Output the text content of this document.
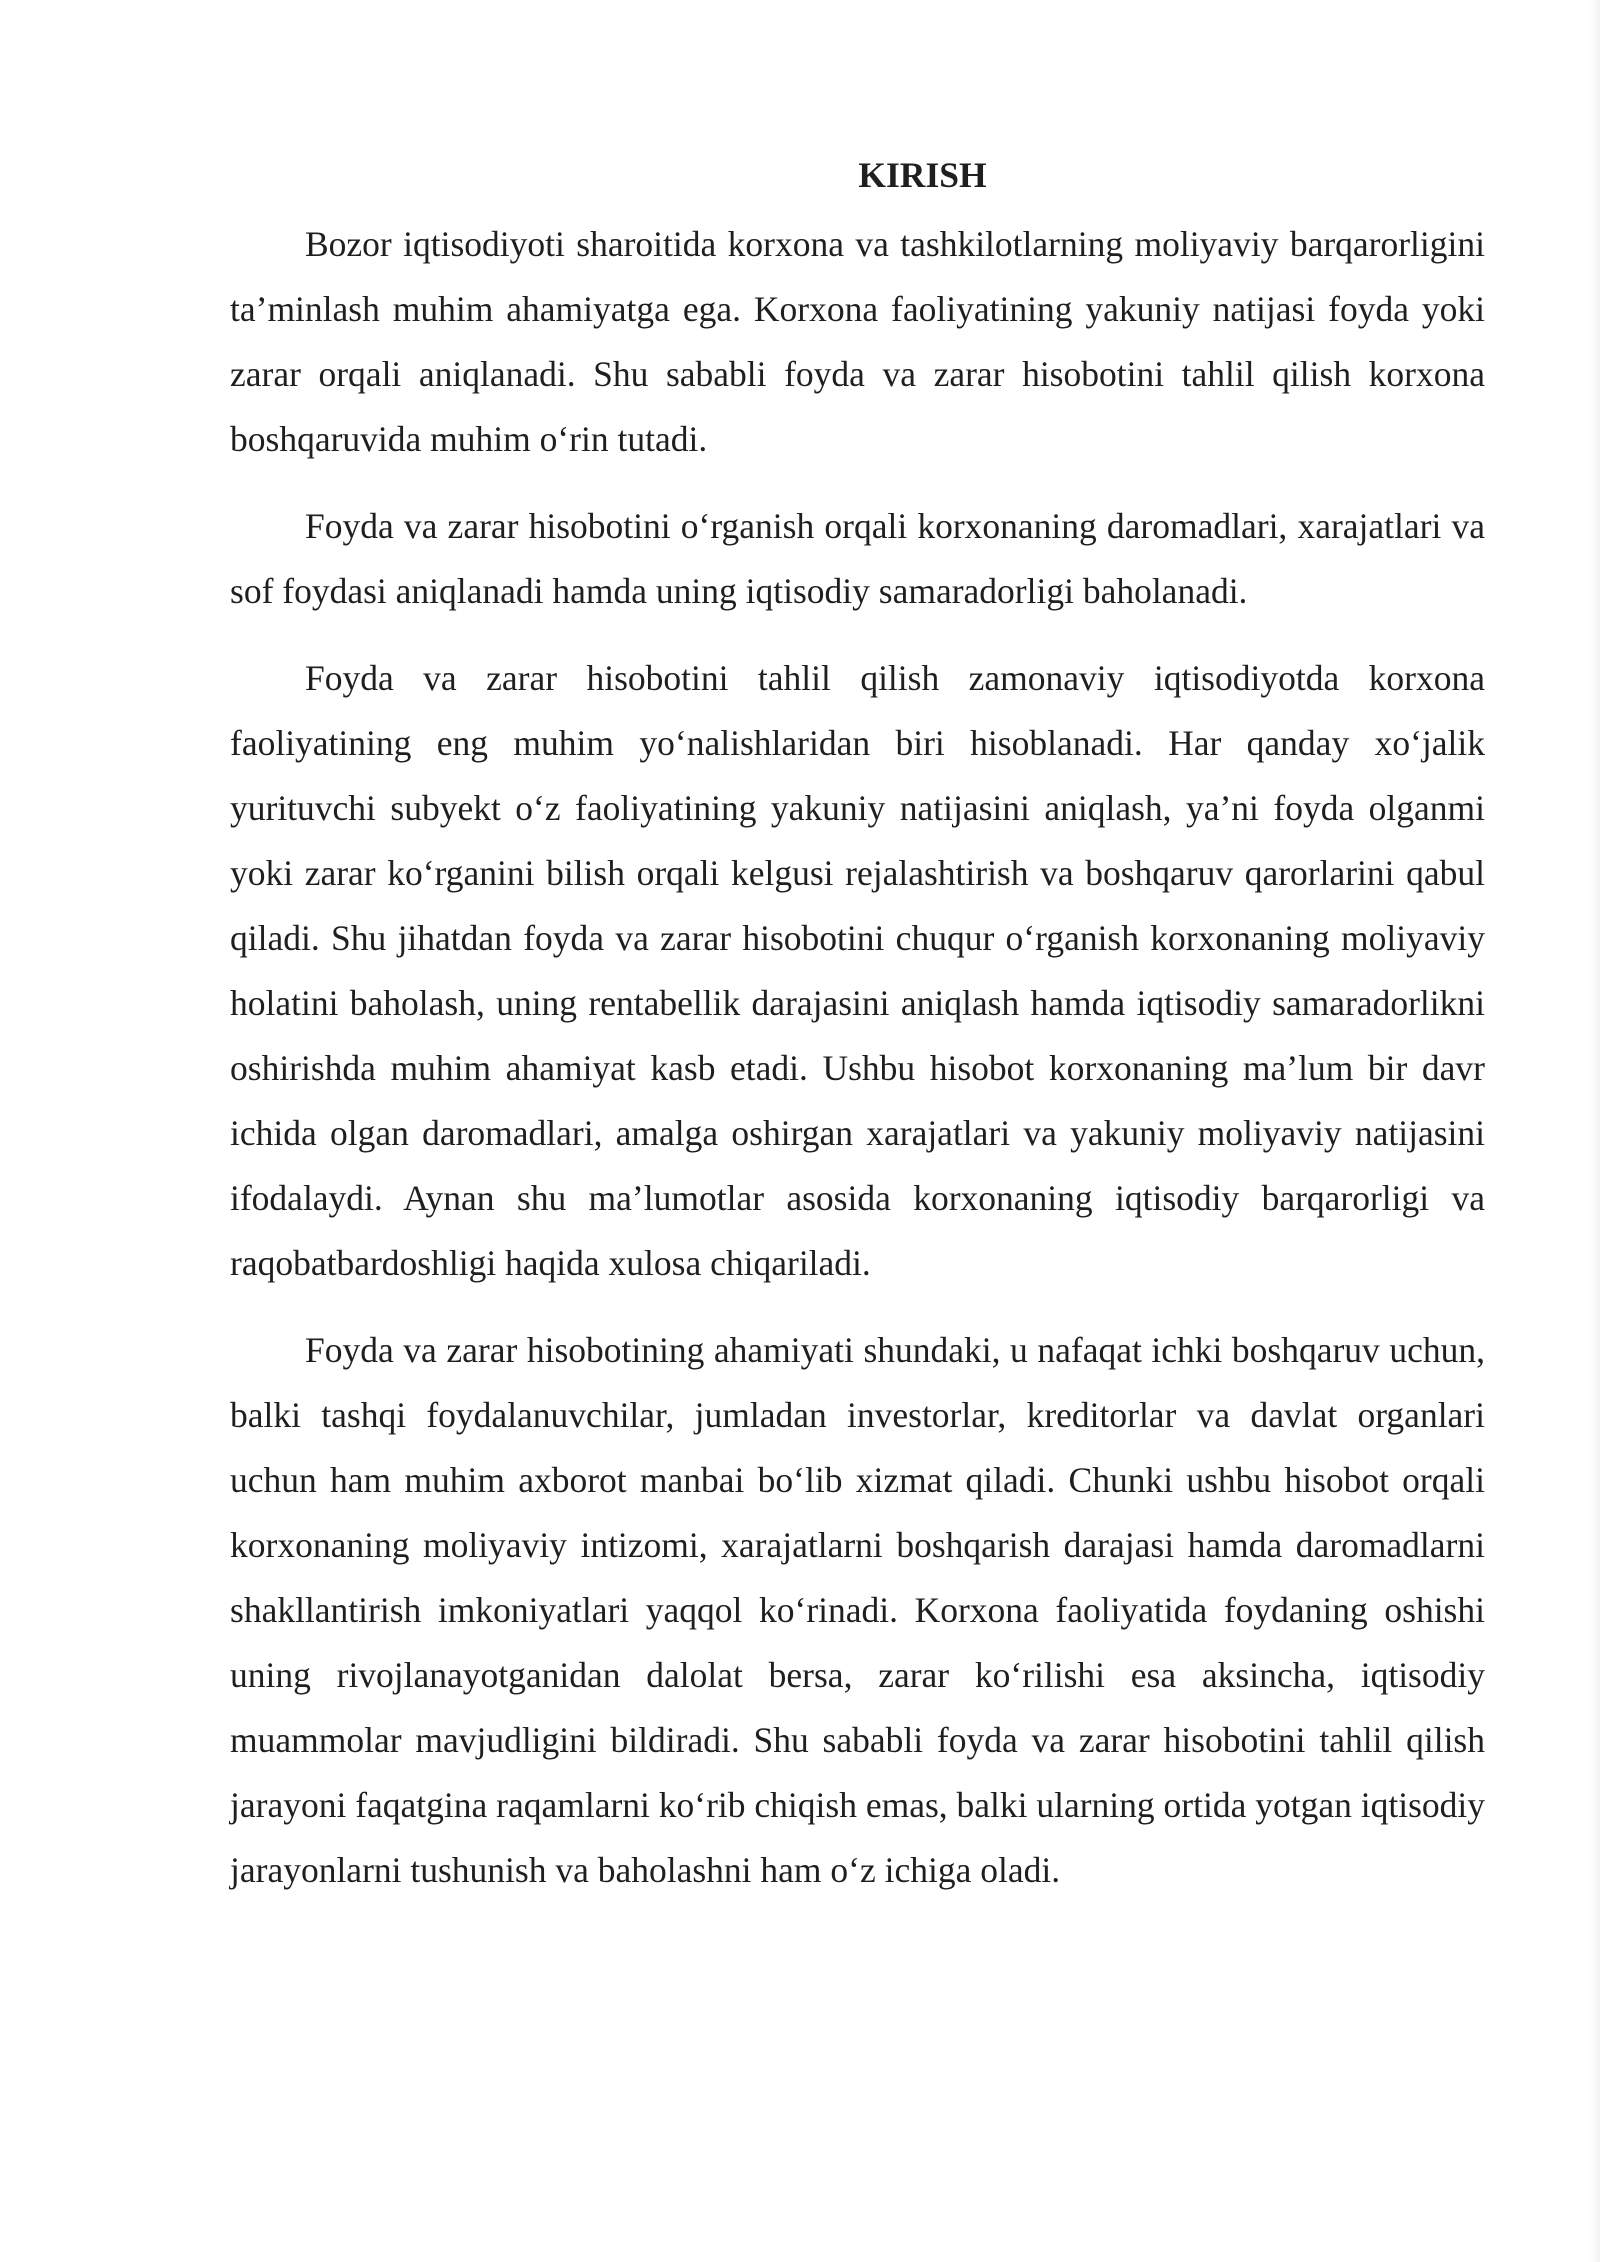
KIRISH

Bozor iqtisodiyoti sharoitida korxona va tashkilotlarning moliyaviy barqarorligini ta’minlash muhim ahamiyatga ega. Korxona faoliyatining yakuniy natijasi foyda yoki zarar orqali aniqlanadi. Shu sababli foyda va zarar hisobotini tahlil qilish korxona boshqaruvida muhim o‘rin tutadi.

Foyda va zarar hisobotini o‘rganish orqali korxonaning daromadlari, xarajatlari va sof foydasi aniqlanadi hamda uning iqtisodiy samaradorligi baholanadi.

Foyda va zarar hisobotini tahlil qilish zamonaviy iqtisodiyotda korxona faoliyatining eng muhim yo‘nalishlaridan biri hisoblanadi. Har qanday xo‘jalik yurituvchi subyekt o‘z faoliyatining yakuniy natijasini aniqlash, ya’ni foyda olganmi yoki zarar ko‘rganini bilish orqali kelgusi rejalashtirish va boshqaruv qarorlarini qabul qiladi. Shu jihatdan foyda va zarar hisobotini chuqur o‘rganish korxonaning moliyaviy holatini baholash, uning rentabellik darajasini aniqlash hamda iqtisodiy samaradorlikni oshirishda muhim ahamiyat kasb etadi. Ushbu hisobot korxonaning ma’lum bir davr ichida olgan daromadlari, amalga oshirgan xarajatlari va yakuniy moliyaviy natijasini ifodalaydi. Aynan shu ma’lumotlar asosida korxonaning iqtisodiy barqarorligi va raqobatbardoshligi haqida xulosa chiqariladi.

Foyda va zarar hisobotining ahamiyati shundaki, u nafaqat ichki boshqaruv uchun, balki tashqi foydalanuvchilar, jumladan investorlar, kreditorlar va davlat organlari uchun ham muhim axborot manbai bo‘lib xizmat qiladi. Chunki ushbu hisobot orqali korxonaning moliyaviy intizomi, xarajatlarni boshqarish darajasi hamda daromadlarni shakllantirish imkoniyatlari yaqqol ko‘rinadi. Korxona faoliyatida foydaning oshishi uning rivojlanayotganidan dalolat bersa, zarar ko‘rilishi esa aksincha, iqtisodiy muammolar mavjudligini bildiradi. Shu sababli foyda va zarar hisobotini tahlil qilish jarayoni faqatgina raqamlarni ko‘rib chiqish emas, balki ularning ortida yotgan iqtisodiy jarayonlarni tushunish va baholashni ham o‘z ichiga oladi.
